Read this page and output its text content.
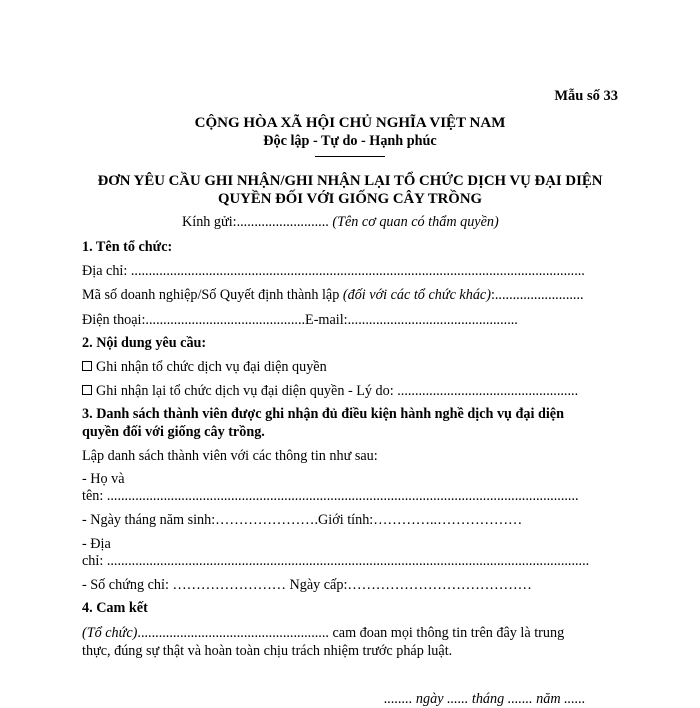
Mẫu số 33
CỘNG HÒA XÃ HỘI CHỦ NGHĨA VIỆT NAM
Độc lập - Tự do - Hạnh phúc
ĐƠN YÊU CẦU GHI NHẬN/GHI NHẬN LẠI TỔ CHỨC DỊCH VỤ ĐẠI DIỆN
QUYỀN ĐỐI VỚI GIỐNG CÂY TRỒNG
Kính gửi:.......................... (Tên cơ quan có thẩm quyền)
1. Tên tổ chức:
Địa chỉ: ................................................................................................................................
Mã số doanh nghiệp/Số Quyết định thành lập (đối với các tổ chức khác):.........................
Điện thoại:.............................................E-mail:................................................
2. Nội dung yêu cầu:
Ghi nhận tổ chức dịch vụ đại diện quyền
Ghi nhận lại tổ chức dịch vụ đại diện quyền - Lý do: ...................................................
3. Danh sách thành viên được ghi nhận đủ điều kiện hành nghề dịch vụ đại diện
quyền đối với giống cây trồng.
Lập danh sách thành viên với các thông tin như sau:
- Họ và
tên: .....................................................................................................................................
- Ngày tháng năm sinh:………………….Giới tính:…………..………………
- Địa
chỉ: ........................................................................................................................................
- Số chứng chỉ: …………………… Ngày cấp:…………………………………
4. Cam kết
(Tổ chức)...................................................... cam đoan mọi thông tin trên đây là trung
thực, đúng sự thật và hoàn toàn chịu trách nhiệm trước pháp luật.
........ ngày ...... tháng ....... năm ......
